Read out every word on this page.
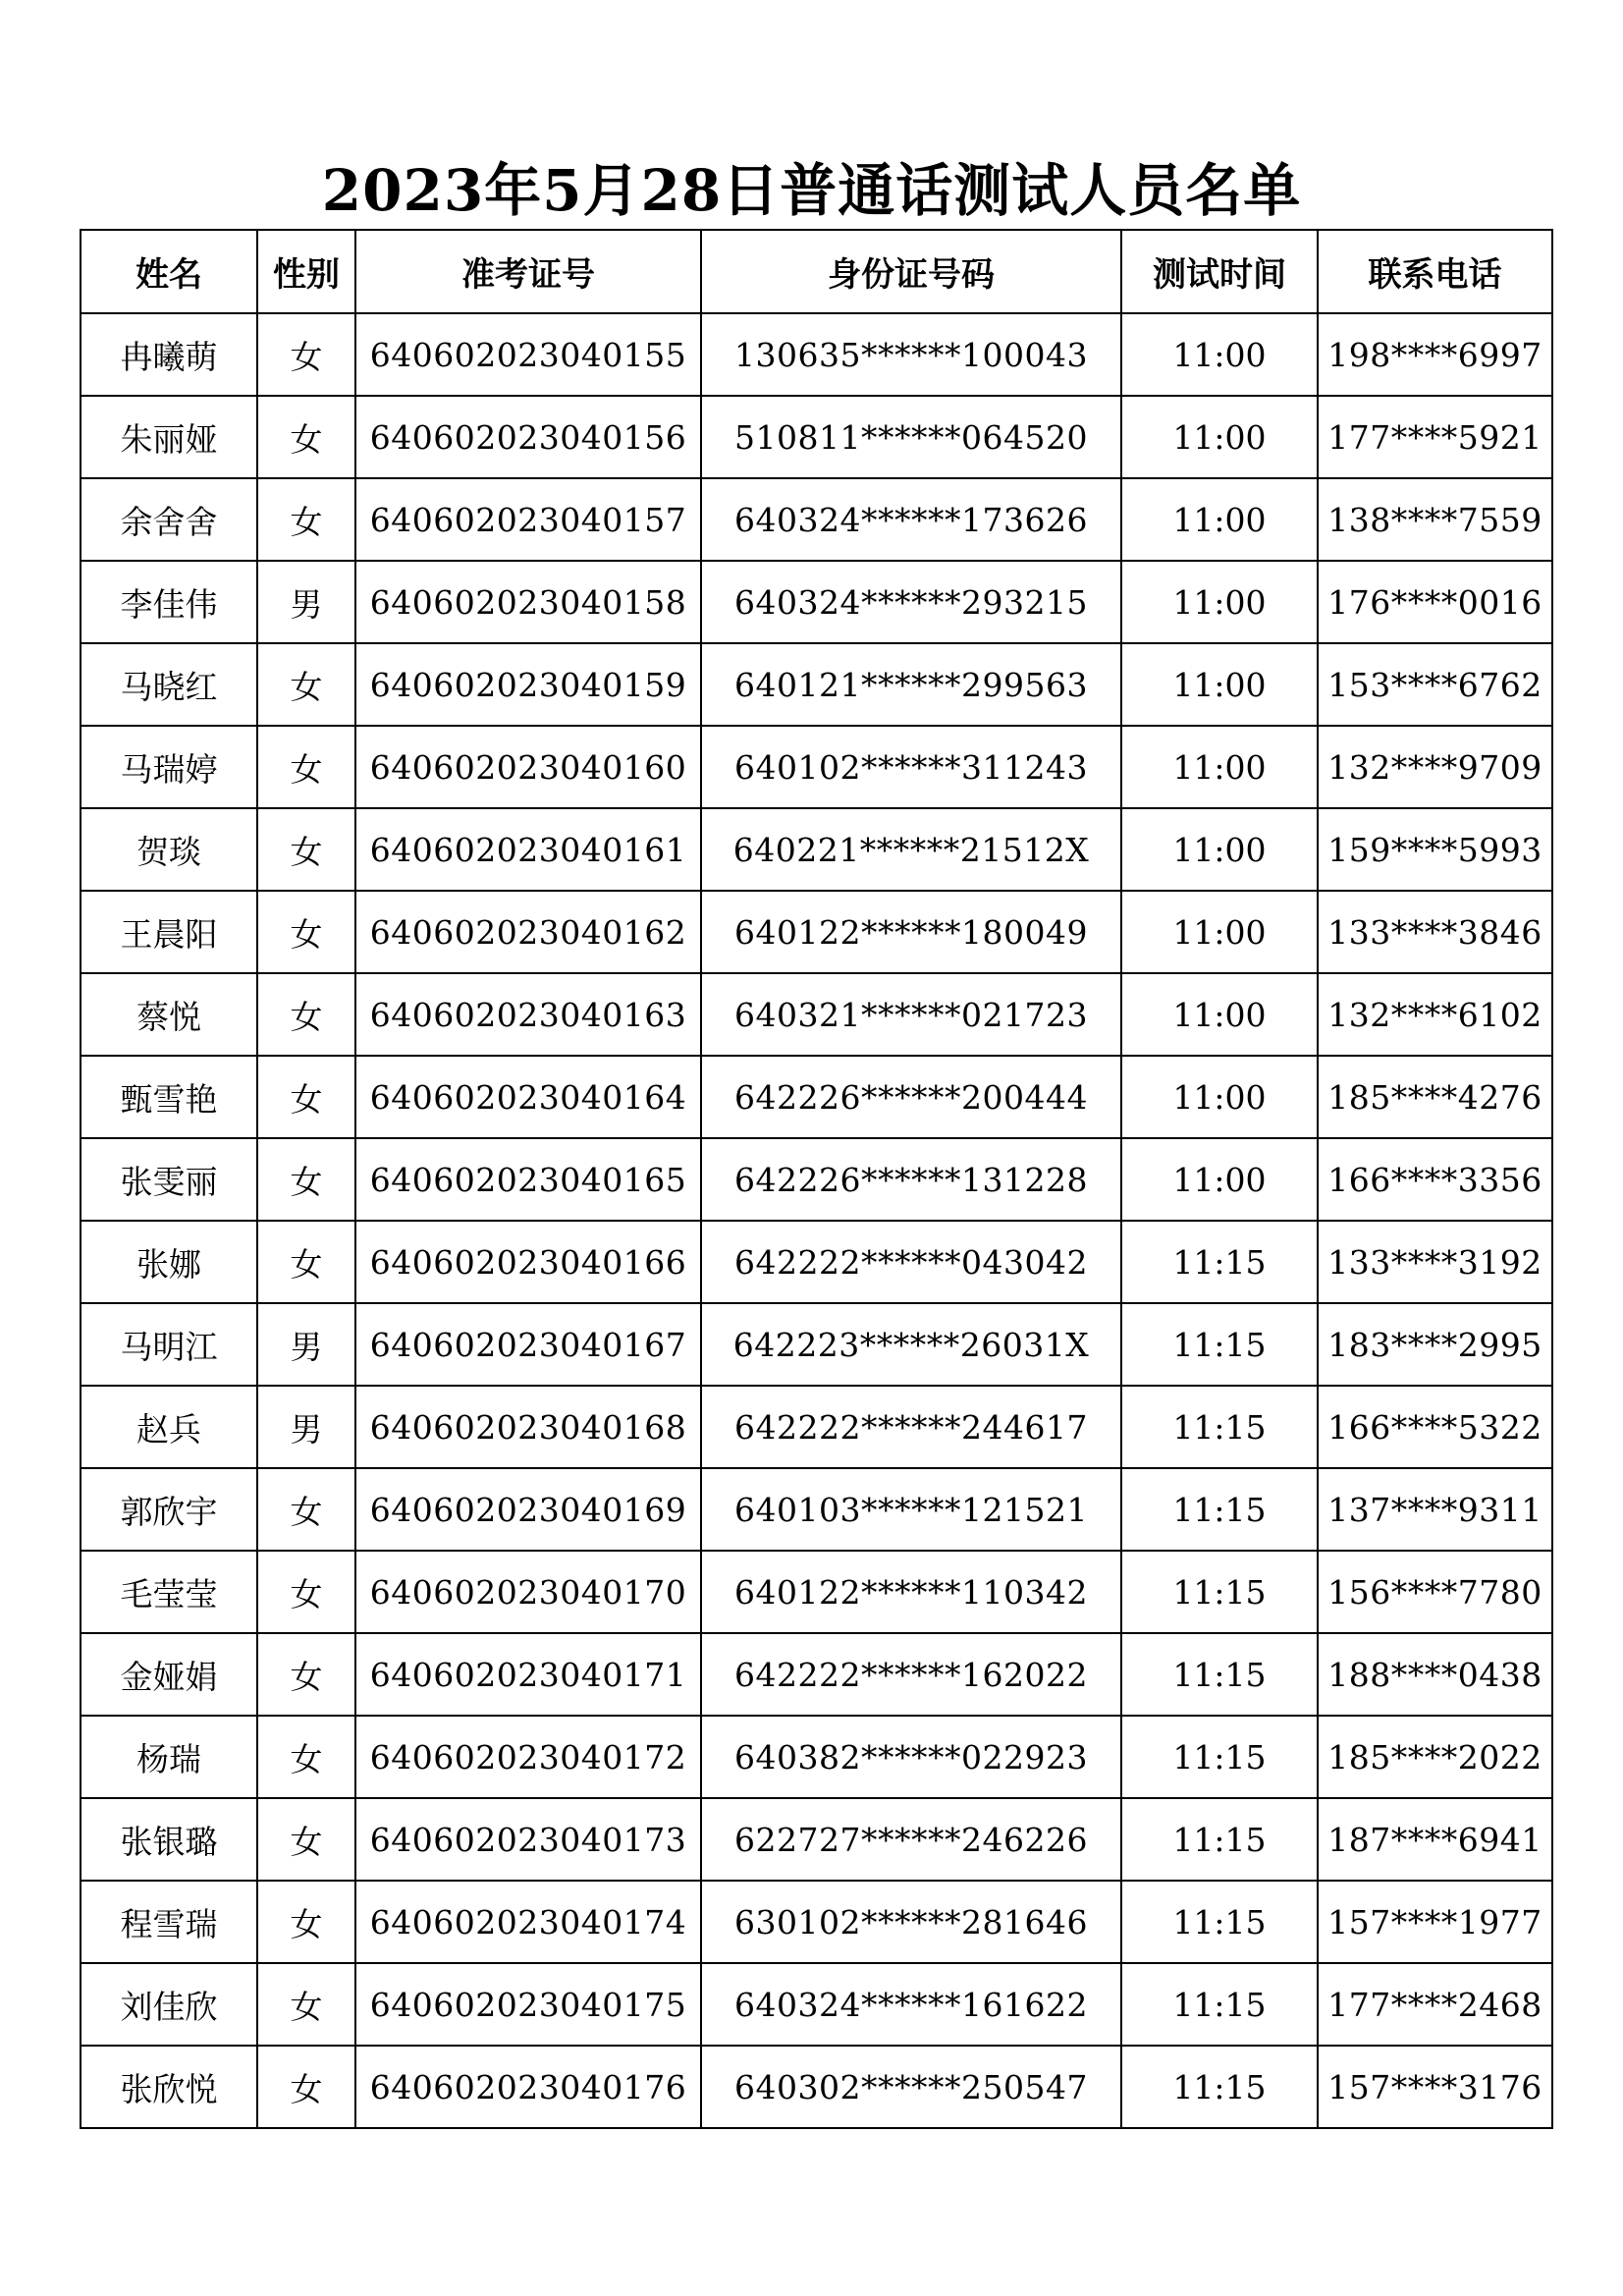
2023年5月28日普通话测试人员名单
姓名	性别	准考证号	身份证号码	测试时间	联系电话
冉曦萌	女	640602023040155	130635******100043	11:00	198****6997
朱丽娅	女	640602023040156	510811******064520	11:00	177****5921
余舍舍	女	640602023040157	640324******173626	11:00	138****7559
李佳伟	男	640602023040158	640324******293215	11:00	176****0016
马晓红	女	640602023040159	640121******299563	11:00	153****6762
马瑞婷	女	640602023040160	640102******311243	11:00	132****9709
贺琰	女	640602023040161	640221******21512X	11:00	159****5993
王晨阳	女	640602023040162	640122******180049	11:00	133****3846
蔡悦	女	640602023040163	640321******021723	11:00	132****6102
甄雪艳	女	640602023040164	642226******200444	11:00	185****4276
张雯丽	女	640602023040165	642226******131228	11:00	166****3356
张娜	女	640602023040166	642222******043042	11:15	133****3192
马明江	男	640602023040167	642223******26031X	11:15	183****2995
赵兵	男	640602023040168	642222******244617	11:15	166****5322
郭欣宇	女	640602023040169	640103******121521	11:15	137****9311
毛莹莹	女	640602023040170	640122******110342	11:15	156****7780
金娅娟	女	640602023040171	642222******162022	11:15	188****0438
杨瑞	女	640602023040172	640382******022923	11:15	185****2022
张银璐	女	640602023040173	622727******246226	11:15	187****6941
程雪瑞	女	640602023040174	630102******281646	11:15	157****1977
刘佳欣	女	640602023040175	640324******161622	11:15	177****2468
张欣悦	女	640602023040176	640302******250547	11:15	157****3176
